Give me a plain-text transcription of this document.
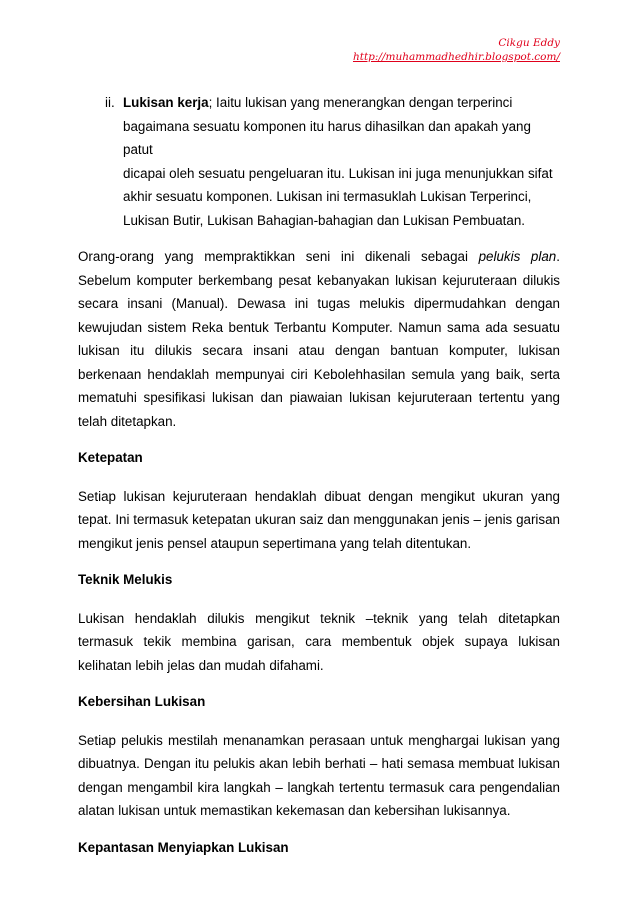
Cikgu Eddy
http://muhammadhedhir.blogspot.com/
ii. Lukisan kerja; Iaitu lukisan yang menerangkan dengan terperinci
bagaimana sesuatu komponen itu harus dihasilkan dan apakah yang patut
dicapai oleh sesuatu pengeluaran itu. Lukisan ini juga menunjukkan sifat
akhir sesuatu komponen. Lukisan ini termasuklah Lukisan Terperinci,
Lukisan Butir, Lukisan Bahagian-bahagian dan Lukisan Pembuatan.

Orang-orang yang mempraktikkan seni ini dikenali sebagai pelukis plan. Sebelum komputer berkembang pesat kebanyakan lukisan kejuruteraan dilukis secara insani (Manual). Dewasa ini tugas melukis dipermudahkan dengan kewujudan sistem Reka bentuk Terbantu Komputer. Namun sama ada sesuatu lukisan itu dilukis secara insani atau dengan bantuan komputer, lukisan berkenaan hendaklah mempunyai ciri Kebolehhasilan semula yang baik, serta mematuhi spesifikasi lukisan dan piawaian lukisan kejuruteraan tertentu yang telah ditetapkan.

Ketepatan

Setiap lukisan kejuruteraan hendaklah dibuat dengan mengikut ukuran yang tepat. Ini termasuk ketepatan ukuran saiz dan menggunakan jenis – jenis garisan mengikut jenis pensel ataupun sepertimana yang telah ditentukan.

Teknik Melukis

Lukisan hendaklah dilukis mengikut teknik –teknik yang telah ditetapkan termasuk tekik membina garisan, cara membentuk objek supaya lukisan kelihatan lebih jelas dan mudah difahami.

Kebersihan Lukisan

Setiap pelukis mestilah menanamkan perasaan untuk menghargai lukisan yang dibuatnya. Dengan itu pelukis akan lebih berhati – hati semasa membuat lukisan dengan mengambil kira langkah – langkah tertentu termasuk cara pengendalian alatan lukisan untuk memastikan kekemasan dan kebersihan lukisannya.

Kepantasan Menyiapkan Lukisan
